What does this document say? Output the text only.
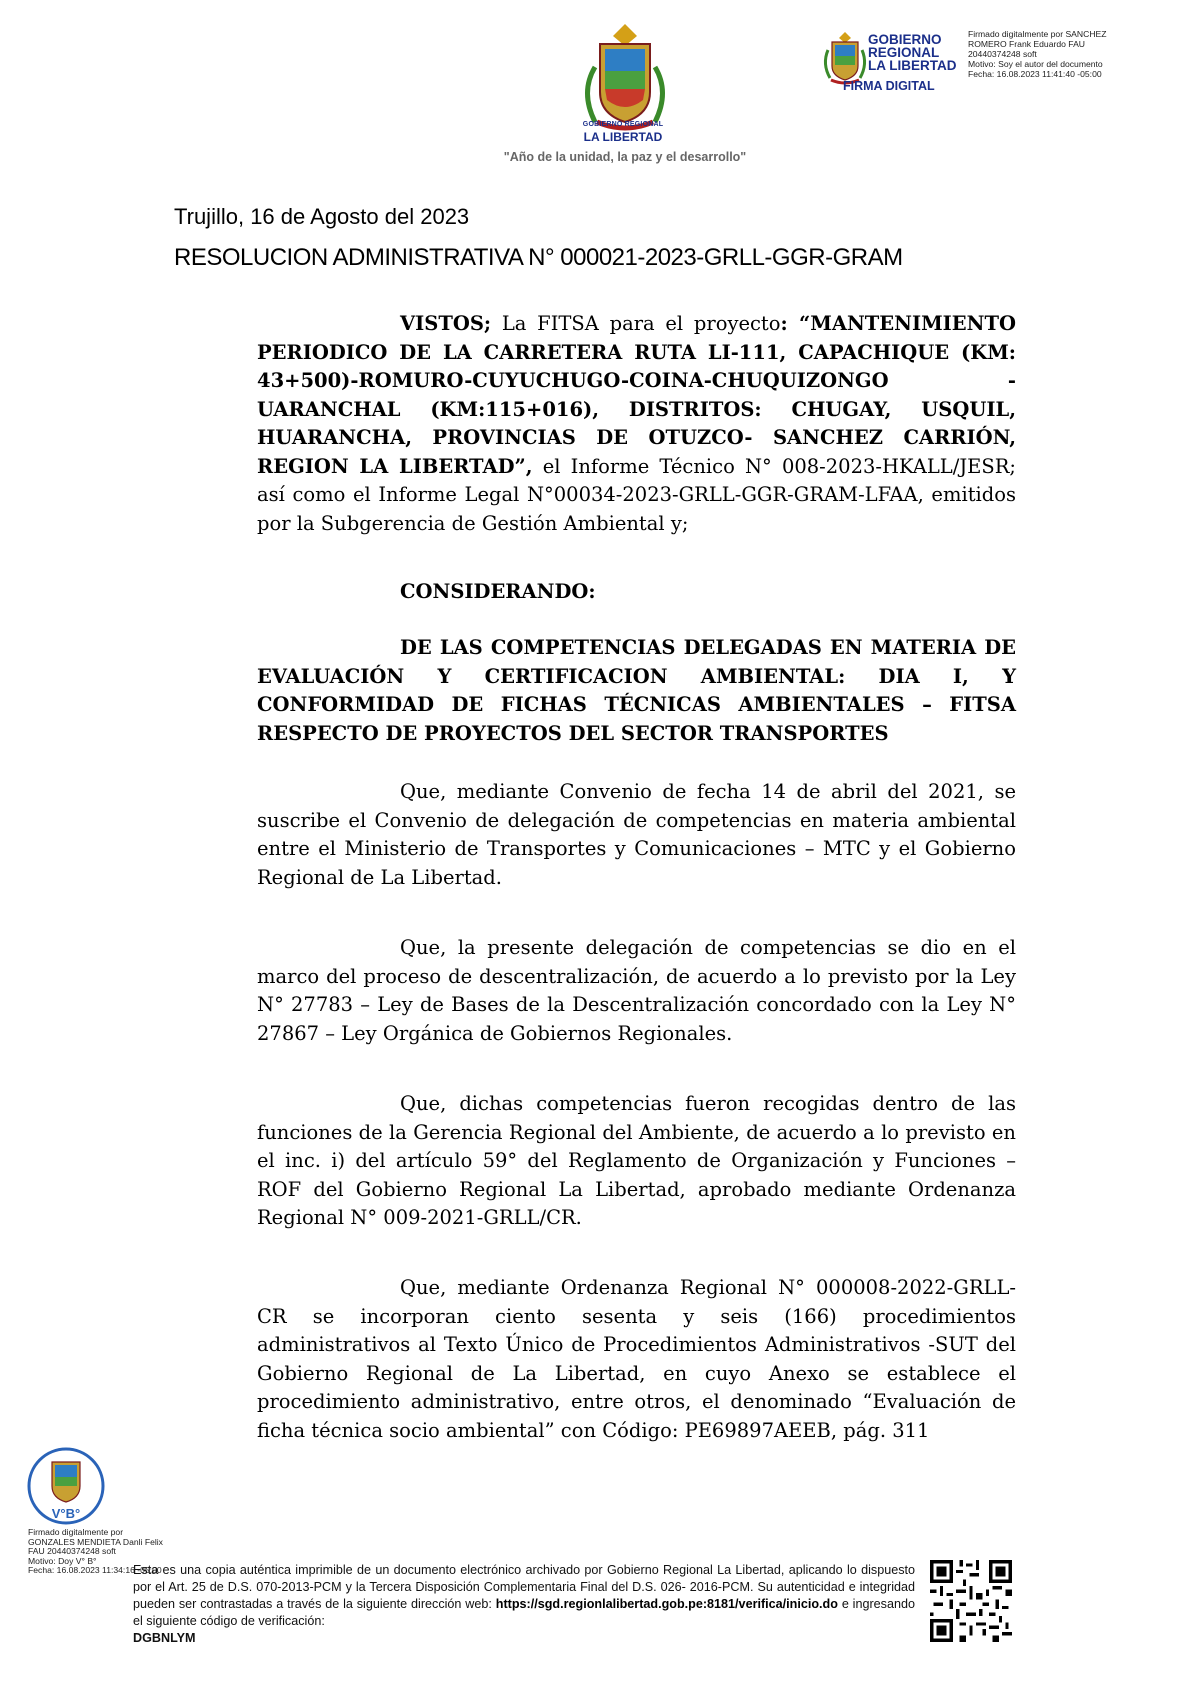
GOBIERNO REGIONAL
LA LIBERTAD
"Año de la unidad, la paz y el desarrollo"
GOBIERNO
REGIONAL
LA LIBERTAD
FIRMA DIGITAL
Firmado digitalmente por SANCHEZ
ROMERO Frank Eduardo FAU
20440374248 soft
Motivo: Soy el autor del documento
Fecha: 16.08.2023 11:41:40 -05:00
Trujillo, 16 de Agosto del 2023
RESOLUCION ADMINISTRATIVA N° 000021-2023-GRLL-GGR-GRAM
VISTOS; La FITSA para el proyecto: “MANTENIMIENTO PERIODICO DE LA CARRETERA RUTA LI-111, CAPACHIQUE (KM: 43+500)-ROMURO-CUYUCHUGO-COINA-CHUQUIZONGO - UARANCHAL (KM:115+016), DISTRITOS: CHUGAY, USQUIL, HUARANCHA, PROVINCIAS DE OTUZCO- SANCHEZ CARRIÓN, REGION LA LIBERTAD”, el Informe Técnico N° 008-2023-HKALL/JESR; así como el Informe Legal N°00034-2023-GRLL-GGR-GRAM-LFAA, emitidos por la Subgerencia de Gestión Ambiental y;
CONSIDERANDO:
DE LAS COMPETENCIAS DELEGADAS EN MATERIA DE EVALUACIÓN Y CERTIFICACION AMBIENTAL: DIA I, Y CONFORMIDAD DE FICHAS TÉCNICAS AMBIENTALES – FITSA RESPECTO DE PROYECTOS DEL SECTOR TRANSPORTES
Que, mediante Convenio de fecha 14 de abril del 2021, se suscribe el Convenio de delegación de competencias en materia ambiental entre el Ministerio de Transportes y Comunicaciones – MTC y el Gobierno Regional de La Libertad.
Que, la presente delegación de competencias se dio en el marco del proceso de descentralización, de acuerdo a lo previsto por la Ley N° 27783 – Ley de Bases de la Descentralización concordado con la Ley N° 27867 – Ley Orgánica de Gobiernos Regionales.
Que, dichas competencias fueron recogidas dentro de las funciones de la Gerencia Regional del Ambiente, de acuerdo a lo previsto en el inc. i) del artículo 59° del Reglamento de Organización y Funciones – ROF del Gobierno Regional La Libertad, aprobado mediante Ordenanza Regional N° 009-2021-GRLL/CR.
Que, mediante Ordenanza Regional N° 000008-2022-GRLL-CR se incorporan ciento sesenta y seis (166) procedimientos administrativos al Texto Único de Procedimientos Administrativos -SUT del Gobierno Regional de La Libertad, en cuyo Anexo se establece el procedimiento administrativo, entre otros, el denominado “Evaluación de ficha técnica socio ambiental” con Código: PE69897AEEB, pág. 311
V°B°
Firmado digitalmente por
GONZALES MENDIETA Danli Felix
FAU 20440374248 soft
Motivo: Doy V° B°
Fecha: 16.08.2023 11:34:16 -05:00
Esta es una copia auténtica imprimible de un documento electrónico archivado por Gobierno Regional La Libertad, aplicando lo dispuesto por el Art. 25 de D.S. 070-2013-PCM y la Tercera Disposición Complementaria Final del D.S. 026- 2016-PCM. Su autenticidad e integridad pueden ser contrastadas a través de la siguiente dirección web: https://sgd.regionlalibertad.gob.pe:8181/verifica/inicio.do e ingresando el siguiente código de verificación:
DGBNLYM
